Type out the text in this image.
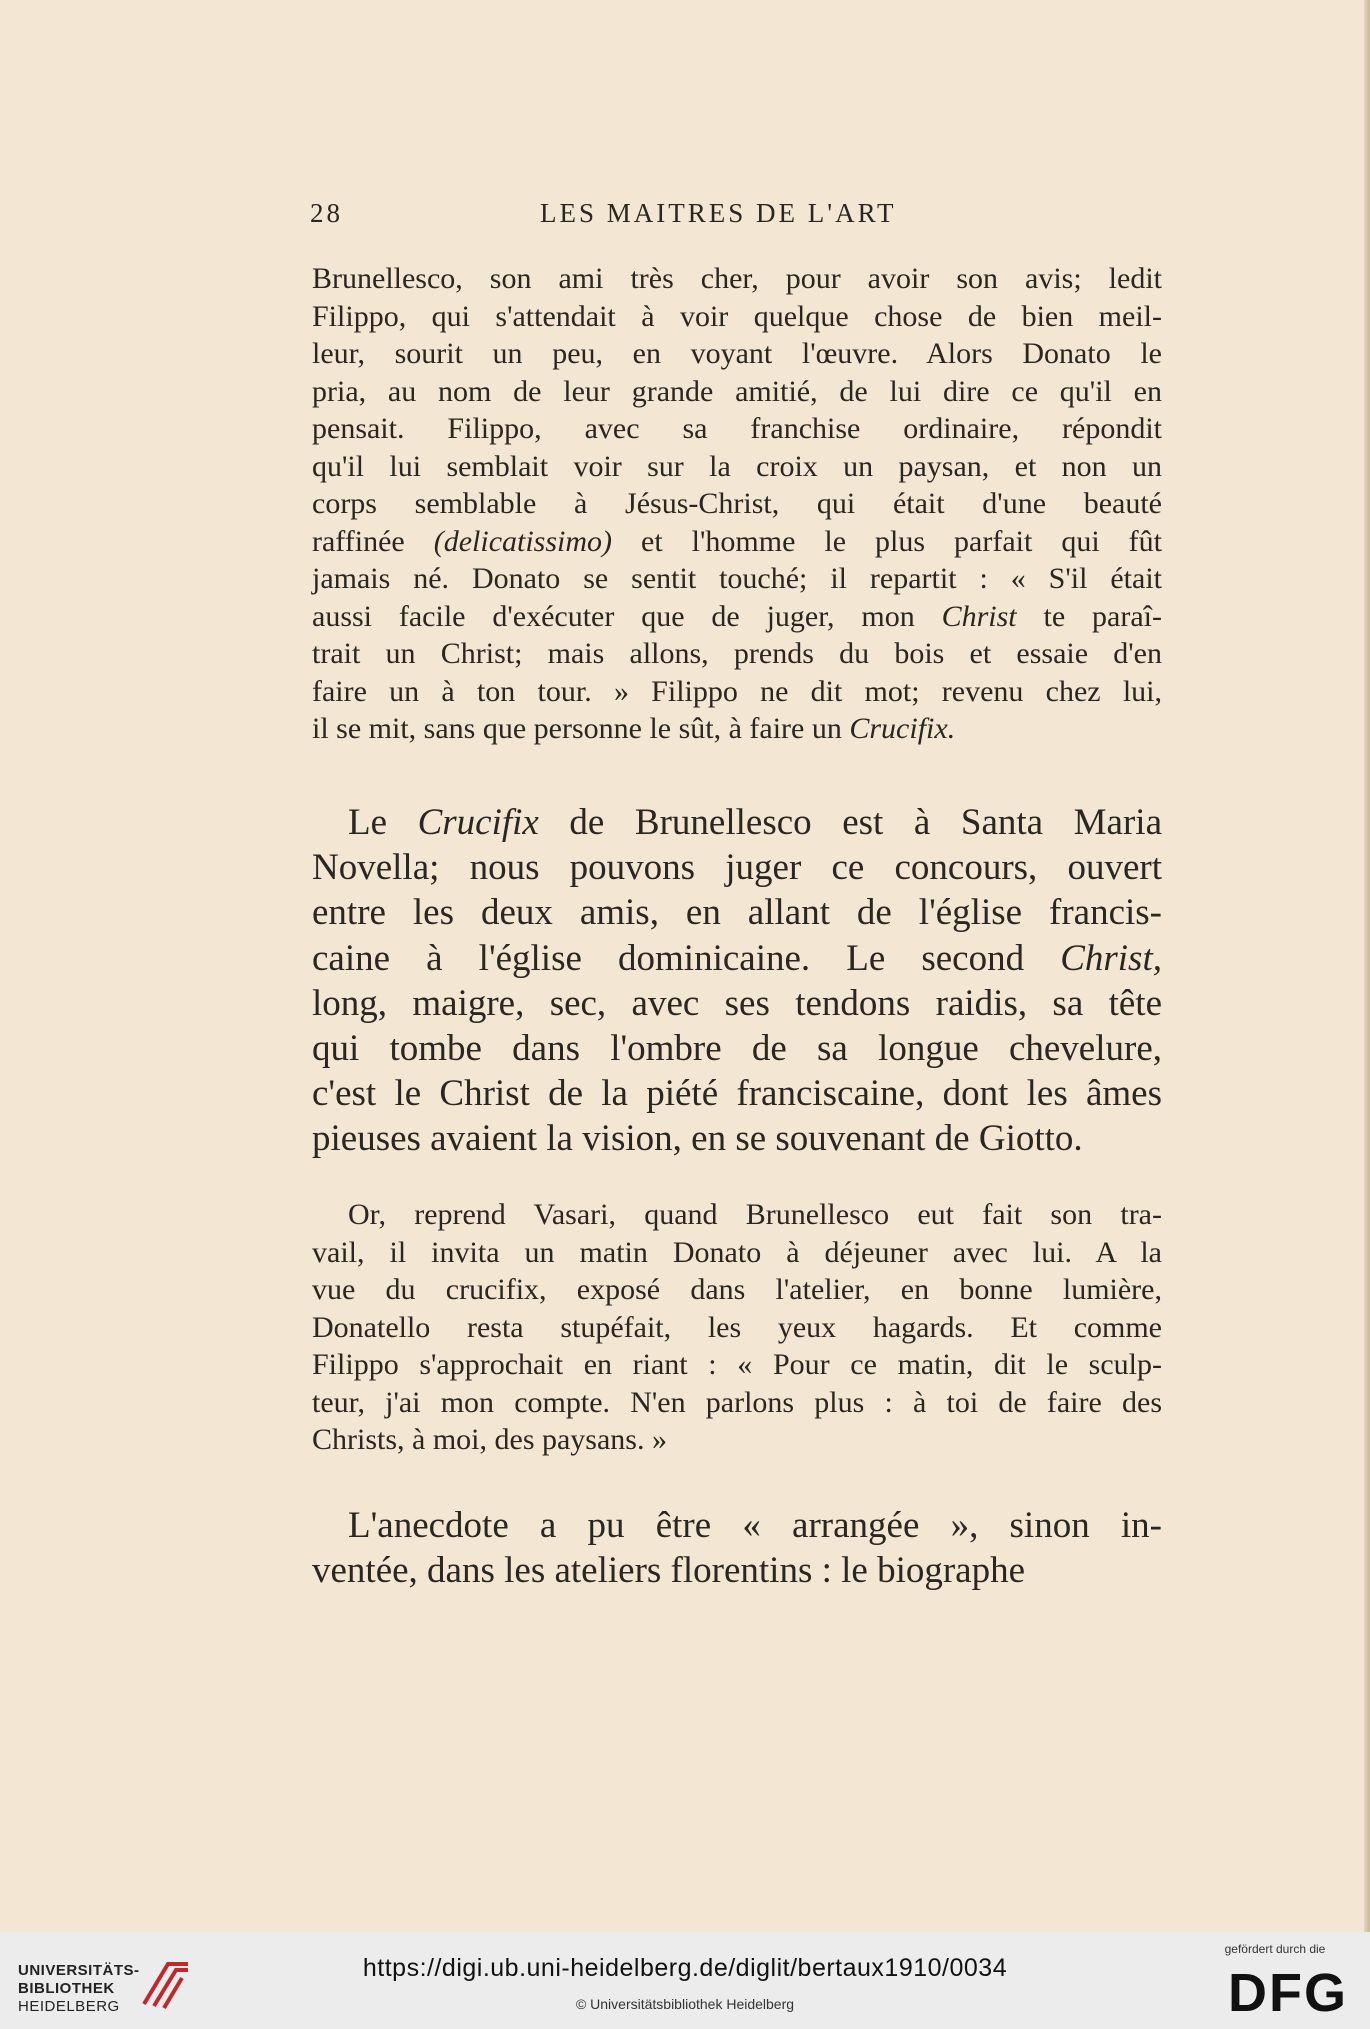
28	LES MAITRES DE L'ART
Brunellesco, son ami très cher, pour avoir son avis; ledit
Filippo, qui s'attendait à voir quelque chose de bien meil-
leur, sourit un peu, en voyant l'œuvre. Alors Donato le
pria, au nom de leur grande amitié, de lui dire ce qu'il en
pensait. Filippo, avec sa franchise ordinaire, répondit
qu'il lui semblait voir sur la croix un paysan, et non un
corps semblable à Jésus-Christ, qui était d'une beauté
raffinée (delicatissimo) et l'homme le plus parfait qui fût
jamais né. Donato se sentit touché; il repartit : « S'il était
aussi facile d'exécuter que de juger, mon Christ te paraî-
trait un Christ; mais allons, prends du bois et essaie d'en
faire un à ton tour. » Filippo ne dit mot; revenu chez lui,
il se mit, sans que personne le sût, à faire un Crucifix.
Le Crucifix de Brunellesco est à Santa Maria
Novella; nous pouvons juger ce concours, ouvert
entre les deux amis, en allant de l'église francis-
caine à l'église dominicaine. Le second Christ,
long, maigre, sec, avec ses tendons raidis, sa tête
qui tombe dans l'ombre de sa longue chevelure,
c'est le Christ de la piété franciscaine, dont les âmes
pieuses avaient la vision, en se souvenant de Giotto.
Or, reprend Vasari, quand Brunellesco eut fait son tra-
vail, il invita un matin Donato à déjeuner avec lui. A la
vue du crucifix, exposé dans l'atelier, en bonne lumière,
Donatello resta stupéfait, les yeux hagards. Et comme
Filippo s'approchait en riant : « Pour ce matin, dit le sculp-
teur, j'ai mon compte. N'en parlons plus : à toi de faire des
Christs, à moi, des paysans. »
L'anecdote a pu être « arrangée », sinon in-
ventée, dans les ateliers florentins : le biographe
UNIVERSITÄTS-
BIBLIOTHEK
HEIDELBERG
https://digi.ub.uni-heidelberg.de/diglit/bertaux1910/0034
© Universitätsbibliothek Heidelberg
gefördert durch die
DFG
